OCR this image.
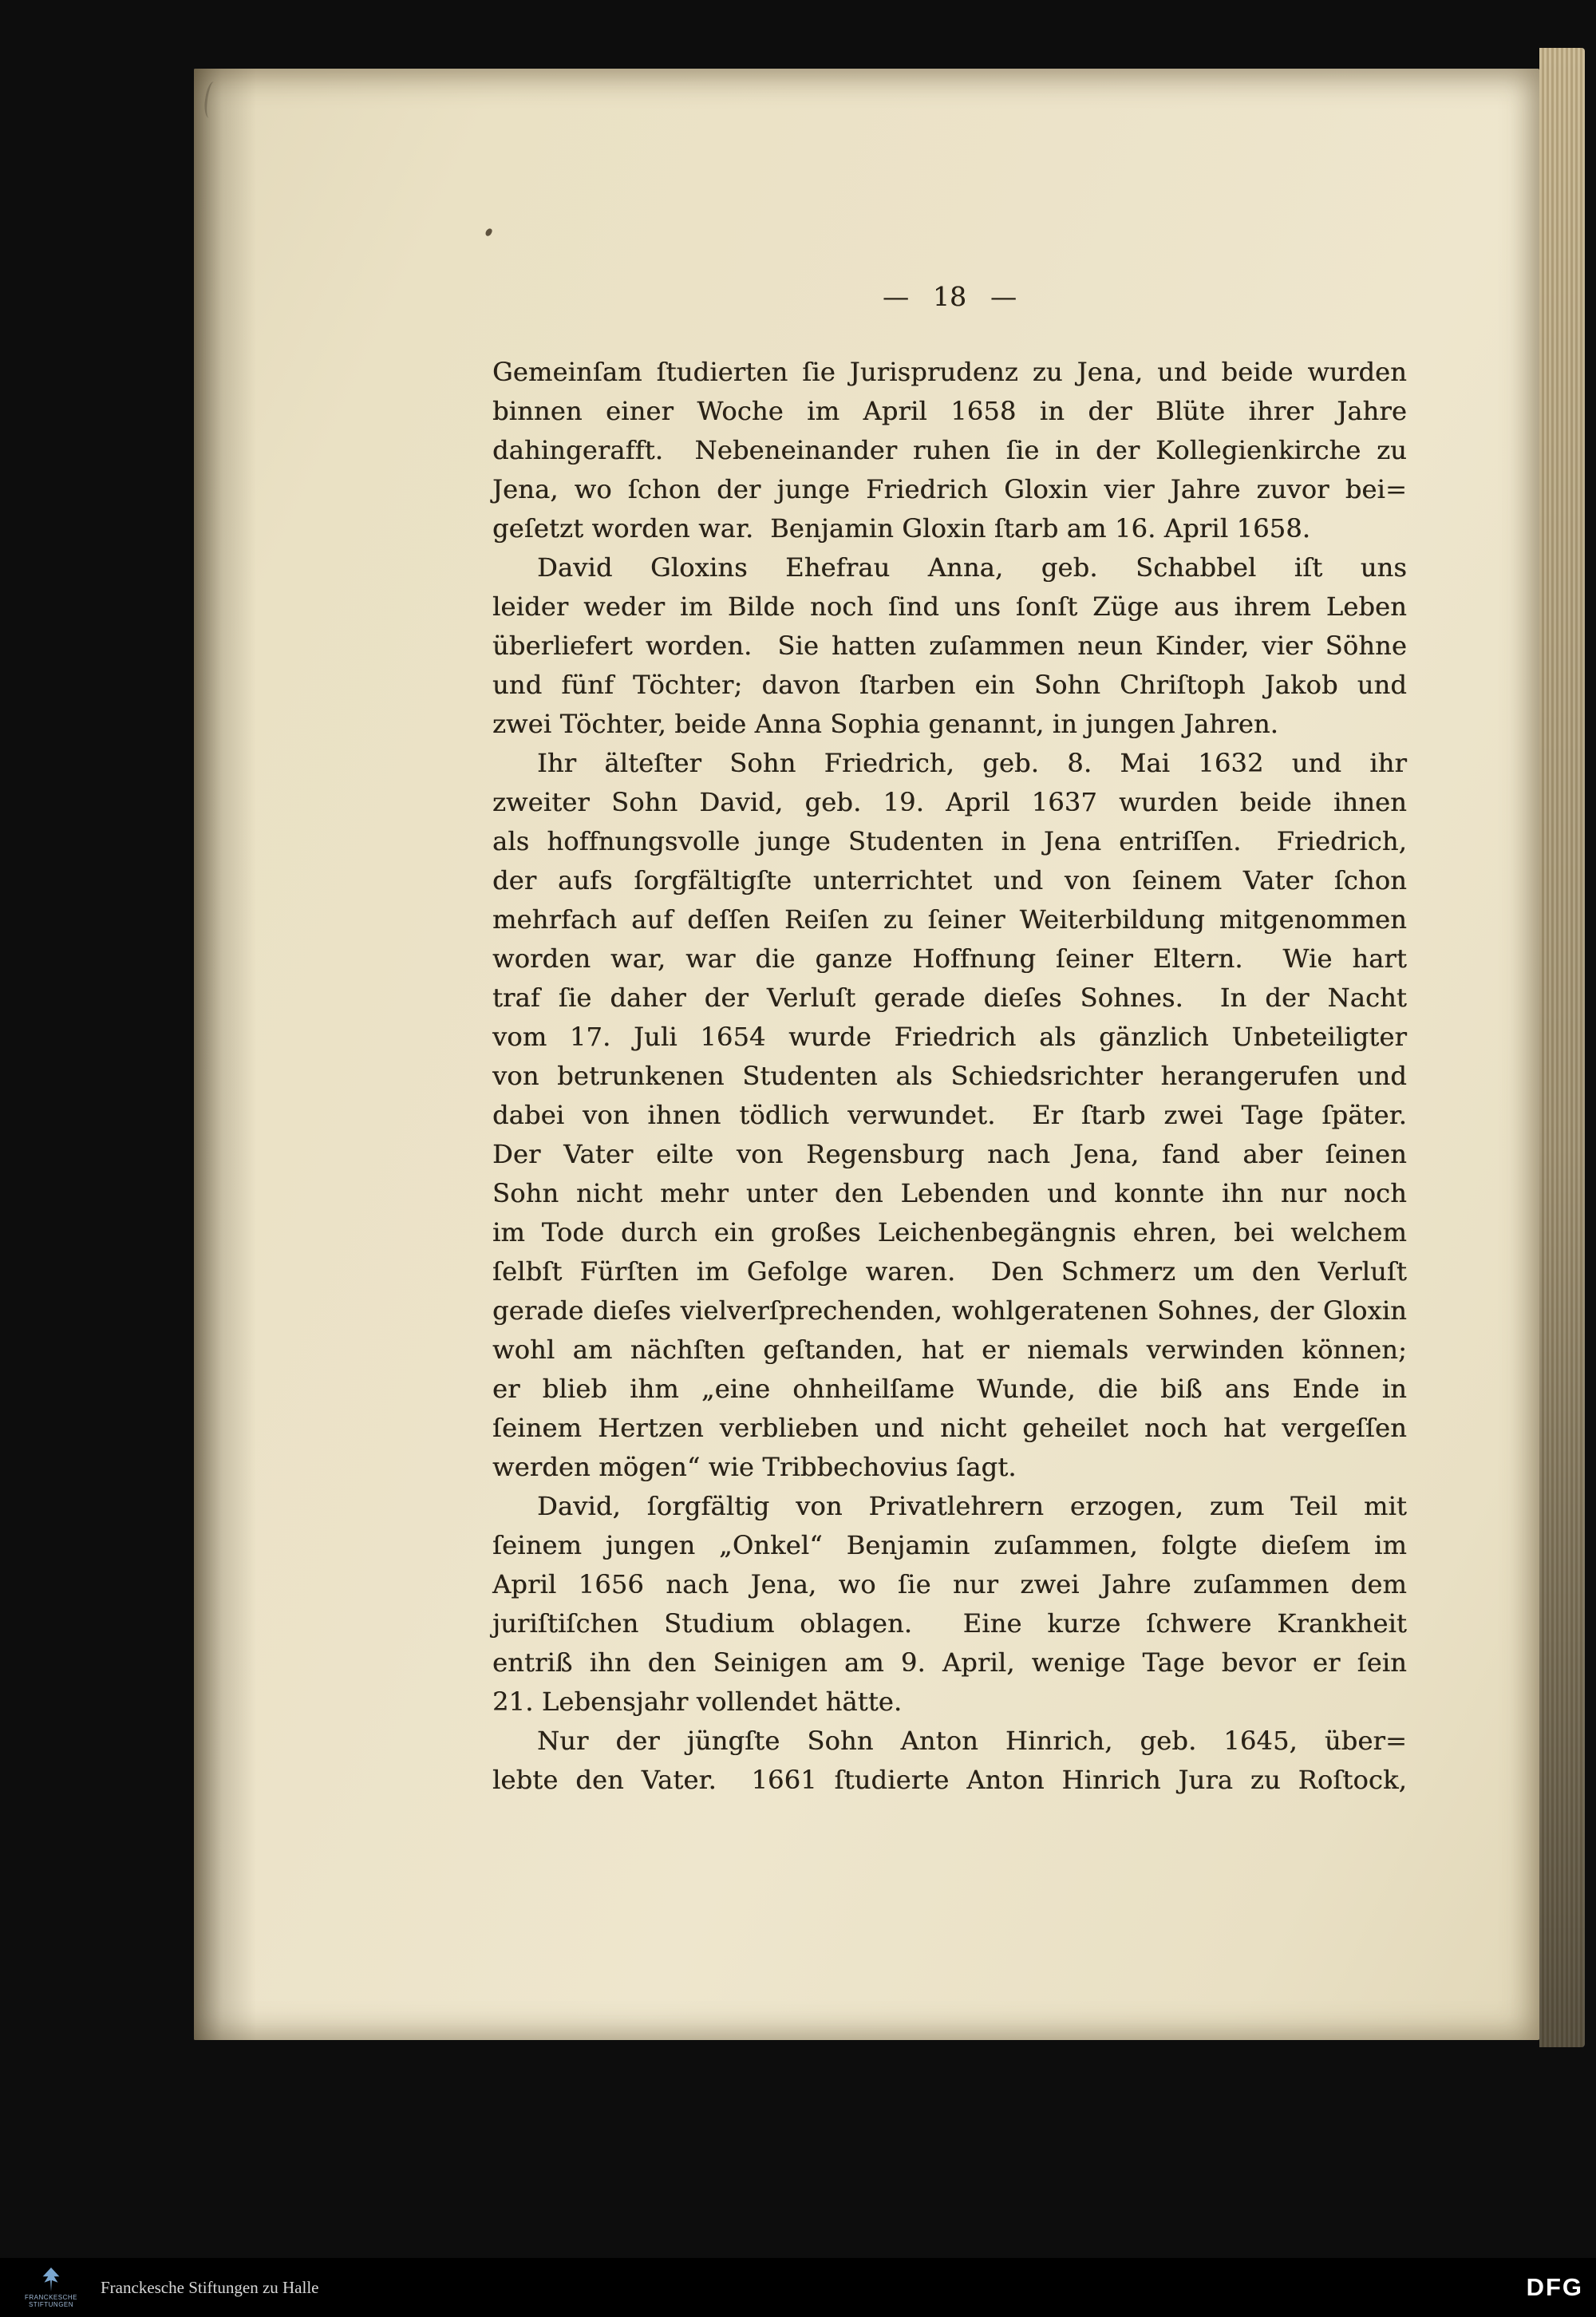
— 18 —
Gemeinſam ſtudierten ſie Jurisprudenz zu Jena, und beide wurden
binnen einer Woche im April 1658 in der Blüte ihrer Jahre
dahingerafft.  Nebeneinander ruhen ſie in der Kollegienkirche zu
Jena, wo ſchon der junge Friedrich Gloxin vier Jahre zuvor bei=
geſetzt worden war.  Benjamin Gloxin ſtarb am 16. April 1658.
David Gloxins Ehefrau Anna, geb. Schabbel iſt uns
leider weder im Bilde noch ſind uns ſonſt Züge aus ihrem Leben
überliefert worden.  Sie hatten zuſammen neun Kinder, vier Söhne
und fünf Töchter; davon ſtarben ein Sohn Chriſtoph Jakob und
zwei Töchter, beide Anna Sophia genannt, in jungen Jahren.
Ihr älteſter Sohn Friedrich, geb. 8. Mai 1632 und ihr
zweiter Sohn David, geb. 19. April 1637 wurden beide ihnen
als hoffnungsvolle junge Studenten in Jena entriſſen.  Friedrich,
der aufs ſorgfältigſte unterrichtet und von ſeinem Vater ſchon
mehrfach auf deſſen Reiſen zu ſeiner Weiterbildung mitgenommen
worden war, war die ganze Hoffnung ſeiner Eltern.  Wie hart
traf ſie daher der Verluſt gerade dieſes Sohnes.  In der Nacht
vom 17. Juli 1654 wurde Friedrich als gänzlich Unbeteiligter
von betrunkenen Studenten als Schiedsrichter herangerufen und
dabei von ihnen tödlich verwundet.  Er ſtarb zwei Tage ſpäter.
Der Vater eilte von Regensburg nach Jena, fand aber ſeinen
Sohn nicht mehr unter den Lebenden und konnte ihn nur noch
im Tode durch ein großes Leichenbegängnis ehren, bei welchem
ſelbſt Fürſten im Gefolge waren.  Den Schmerz um den Verluſt
gerade dieſes vielverſprechenden, wohlgeratenen Sohnes, der Gloxin
wohl am nächſten geſtanden, hat er niemals verwinden können;
er blieb ihm „eine ohnheilſame Wunde, die biß ans Ende in
ſeinem Hertzen verblieben und nicht geheilet noch hat vergeſſen
werden mögen“ wie Tribbechovius ſagt.
David, ſorgfältig von Privatlehrern erzogen, zum Teil mit
ſeinem jungen „Onkel“ Benjamin zuſammen, folgte dieſem im
April 1656 nach Jena, wo ſie nur zwei Jahre zuſammen dem
juriſtiſchen Studium oblagen.  Eine kurze ſchwere Krankheit
entriß ihn den Seinigen am 9. April, wenige Tage bevor er ſein
21. Lebensjahr vollendet hätte.
Nur der jüngſte Sohn Anton Hinrich, geb. 1645, über=
lebte den Vater.  1661 ſtudierte Anton Hinrich Jura zu Roſtock,
FRANCKESCHE STIFTUNGEN
Franckesche Stiftungen zu Halle	DFG
